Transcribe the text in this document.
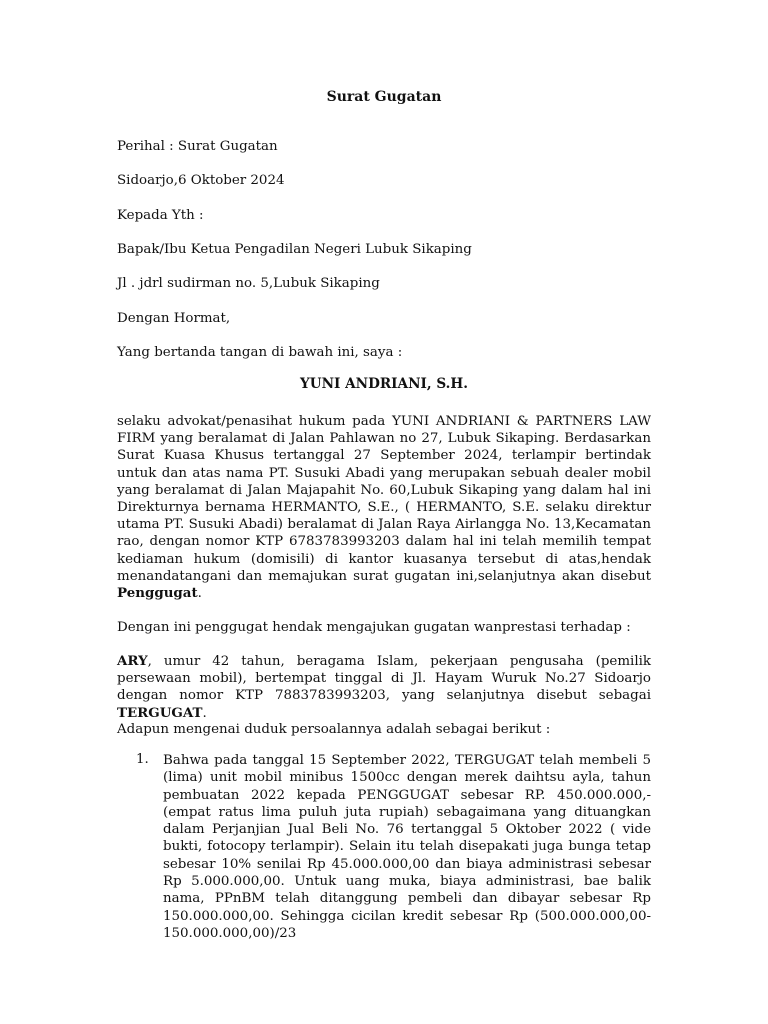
Surat Gugatan
Perihal : Surat Gugatan
Sidoarjo,6 Oktober 2024
Kepada Yth :
Bapak/Ibu Ketua Pengadilan Negeri Lubuk Sikaping
Jl . jdrl sudirman no. 5,Lubuk Sikaping
Dengan Hormat,
Yang bertanda tangan di bawah ini, saya :
YUNI ANDRIANI, S.H.

selaku advokat/penasihat hukum pada YUNI ANDRIANI & PARTNERS LAW FIRM yang beralamat di Jalan Pahlawan no 27, Lubuk Sikaping. Berdasarkan Surat Kuasa Khusus tertanggal 27 September 2024, terlampir bertindak untuk dan atas nama PT. Susuki Abadi yang merupakan sebuah dealer mobil yang beralamat di Jalan Majapahit No. 60,Lubuk Sikaping yang dalam hal ini Direkturnya bernama HERMANTO, S.E., ( HERMANTO, S.E. selaku direktur utama PT. Susuki Abadi) beralamat di Jalan Raya Airlangga No. 13,Kecamatan rao, dengan nomor KTP 6783783993203 dalam hal ini telah memilih tempat kediaman hukum (domisili) di kantor kuasanya tersebut di atas,hendak menandatangani dan memajukan surat gugatan ini,selanjutnya akan disebut Penggugat.

Dengan ini penggugat hendak mengajukan gugatan wanprestasi terhadap :

ARY, umur 42 tahun, beragama Islam, pekerjaan pengusaha (pemilik persewaan mobil), bertempat tinggal di Jl. Hayam Wuruk No.27 Sidoarjo dengan nomor KTP 7883783993203, yang selanjutnya disebut sebagai TERGUGAT.

Adapun mengenai duduk persoalannya adalah sebagai berikut :

1. Bahwa pada tanggal 15 September 2022, TERGUGAT telah membeli 5 (lima) unit mobil minibus 1500cc dengan merek daihtsu ayla, tahun pembuatan 2022 kepada PENGGUGAT sebesar RP. 450.000.000,- (empat ratus lima puluh juta rupiah) sebagaimana yang dituangkan dalam Perjanjian Jual Beli No. 76 tertanggal 5 Oktober 2022 ( vide bukti, fotocopy terlampir). Selain itu telah disepakati juga bunga tetap sebesar 10% senilai Rp 45.000.000,00 dan biaya administrasi sebesar Rp 5.000.000,00. Untuk uang muka, biaya administrasi, bae balik nama, PPnBM telah ditanggung pembeli dan dibayar sebesar Rp 150.000.000,00. Sehingga cicilan kredit sebesar Rp (500.000.000,00-150.000.000,00)/23
